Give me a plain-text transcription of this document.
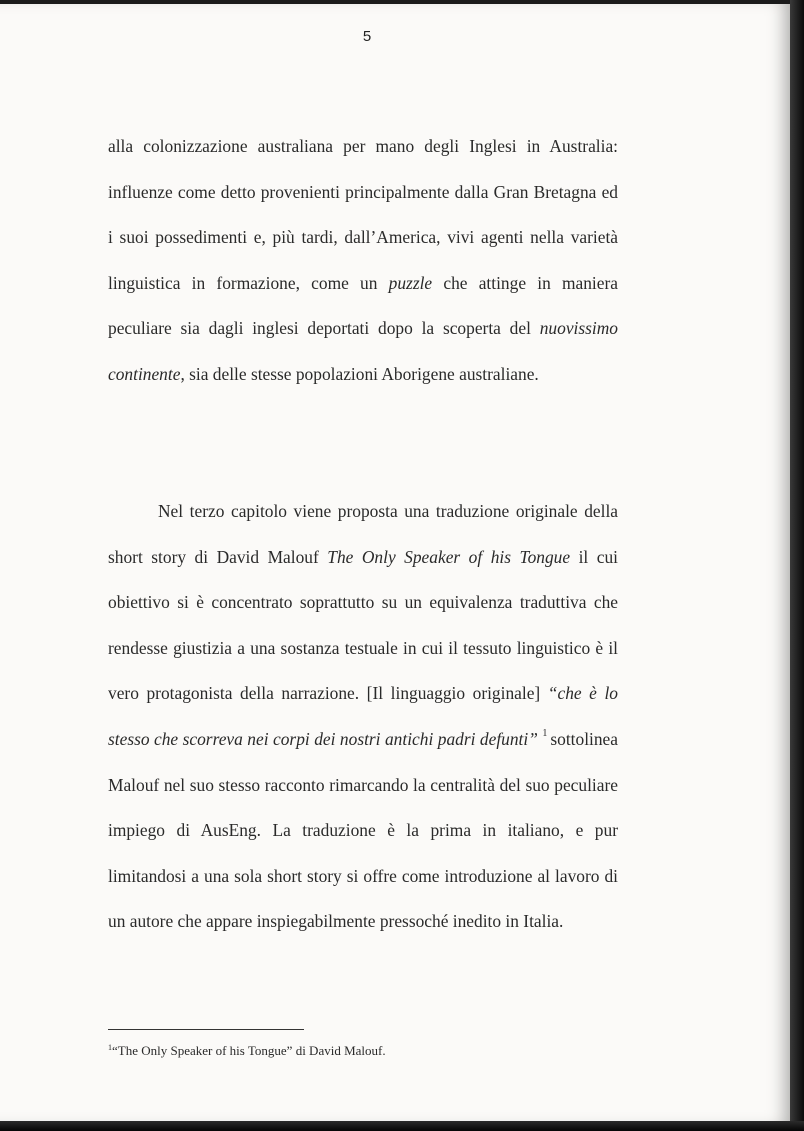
5

alla colonizzazione australiana per mano degli Inglesi in Australia: influenze come detto provenienti principalmente dalla Gran Bretagna ed i suoi possedimenti e, più tardi, dall’America, vivi agenti nella varietà linguistica in formazione, come un puzzle che attinge in maniera peculiare sia dagli inglesi deportati dopo la scoperta del nuovissimo continente, sia delle stesse popolazioni Aborigene australiane.

Nel terzo capitolo viene proposta una traduzione originale della short story di David Malouf The Only Speaker of his Tongue il cui obiettivo si è concentrato soprattutto su un equivalenza traduttiva che rendesse giustizia a una sostanza testuale in cui il tessuto linguistico è il vero protagonista della narrazione. [Il linguaggio originale] “che è lo stesso che scorreva nei corpi dei nostri antichi padri defunti” $^1$ sottolinea Malouf nel suo stesso racconto rimarcando la centralità del suo peculiare impiego di AusEng. La traduzione è la prima in italiano, e pur limitandosi a una sola short story si offre come introduzione al lavoro di un autore che appare inspiegabilmente pressoché inedito in Italia.

$^1$“The Only Speaker of his Tongue” di David Malouf.
